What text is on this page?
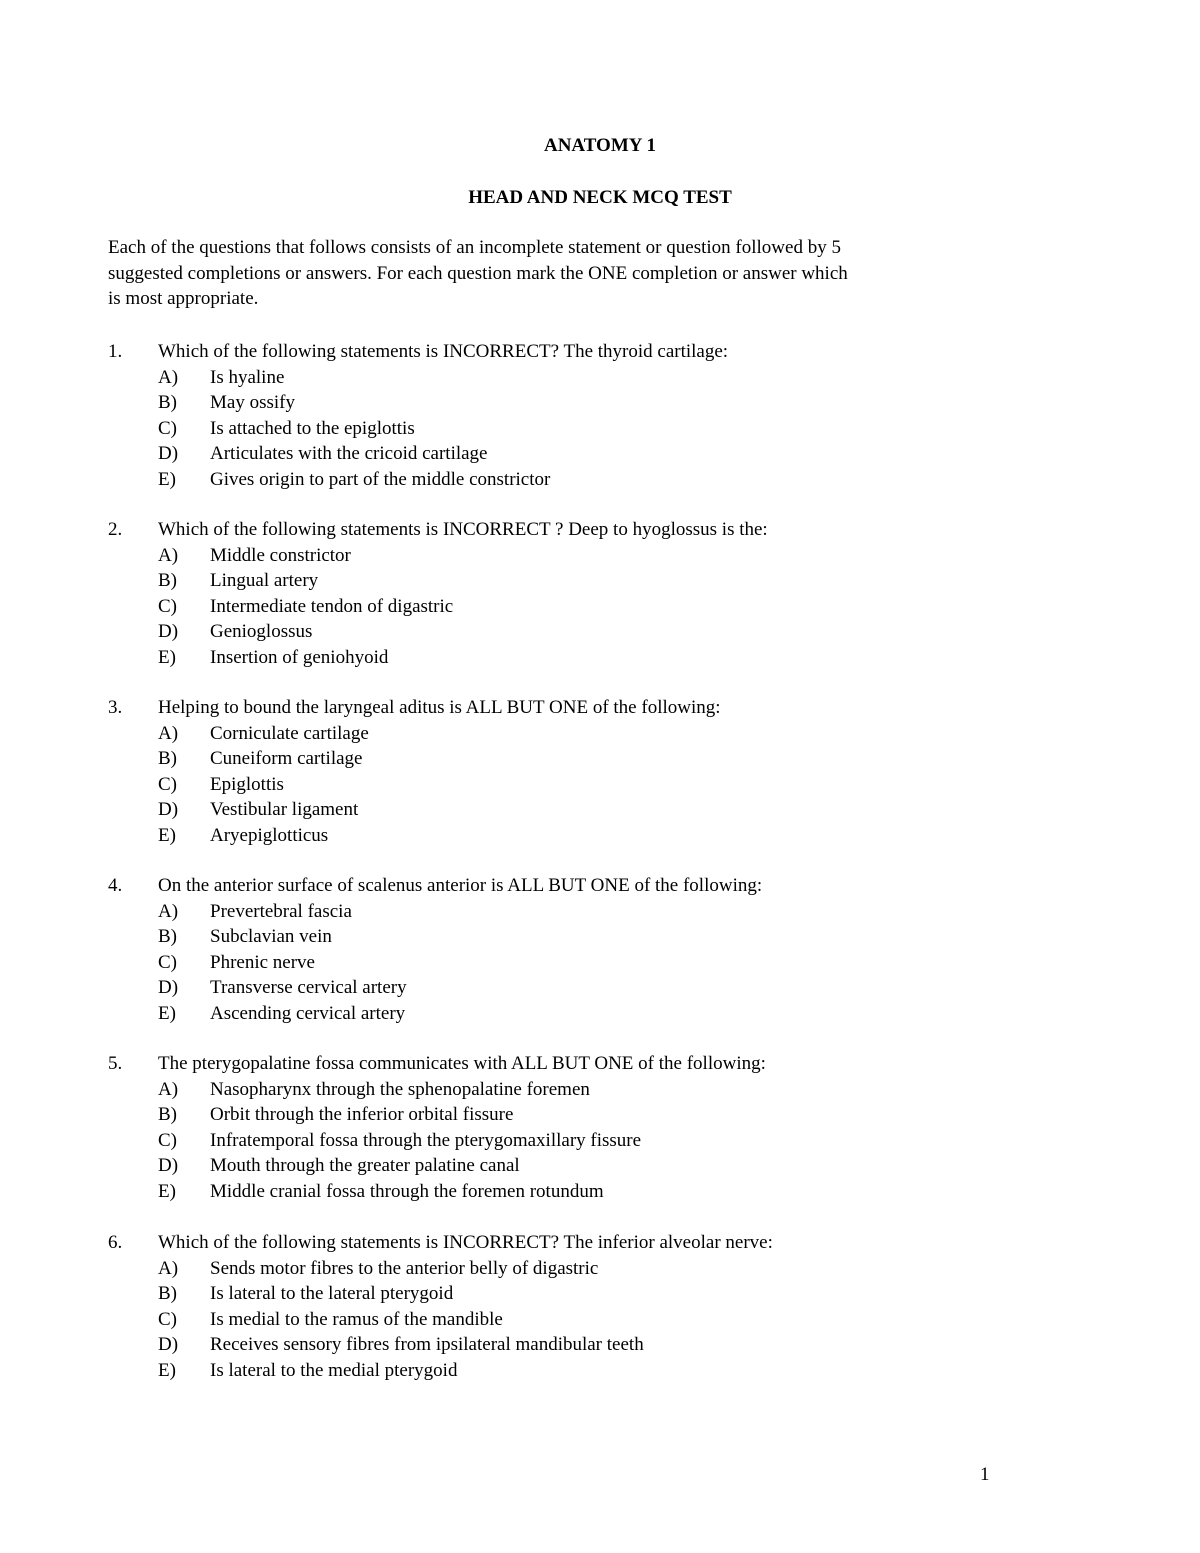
ANATOMY 1
HEAD AND NECK MCQ TEST
Each of the questions that follows consists of an incomplete statement or question followed by 5
suggested completions or answers. For each question mark the ONE completion or answer which
is most appropriate.
1. Which of the following statements is INCORRECT? The thyroid cartilage:
A) Is hyaline
B) May ossify
C) Is attached to the epiglottis
D) Articulates with the cricoid cartilage
E) Gives origin to part of the middle constrictor
2. Which of the following statements is INCORRECT ? Deep to hyoglossus is the:
A) Middle constrictor
B) Lingual artery
C) Intermediate tendon of digastric
D) Genioglossus
E) Insertion of geniohyoid
3. Helping to bound the laryngeal aditus is ALL BUT ONE of the following:
A) Corniculate cartilage
B) Cuneiform cartilage
C) Epiglottis
D) Vestibular ligament
E) Aryepiglotticus
4. On the anterior surface of scalenus anterior is ALL BUT ONE of the following:
A) Prevertebral fascia
B) Subclavian vein
C) Phrenic nerve
D) Transverse cervical artery
E) Ascending cervical artery
5. The pterygopalatine fossa communicates with ALL BUT ONE of the following:
A) Nasopharynx through the sphenopalatine foremen
B) Orbit through the inferior orbital fissure
C) Infratemporal fossa through the pterygomaxillary fissure
D) Mouth through the greater palatine canal
E) Middle cranial fossa through the foremen rotundum
6. Which of the following statements is INCORRECT? The inferior alveolar nerve:
A) Sends motor fibres to the anterior belly of digastric
B) Is lateral to the lateral pterygoid
C) Is medial to the ramus of the mandible
D) Receives sensory fibres from ipsilateral mandibular teeth
E) Is lateral to the medial pterygoid
1
